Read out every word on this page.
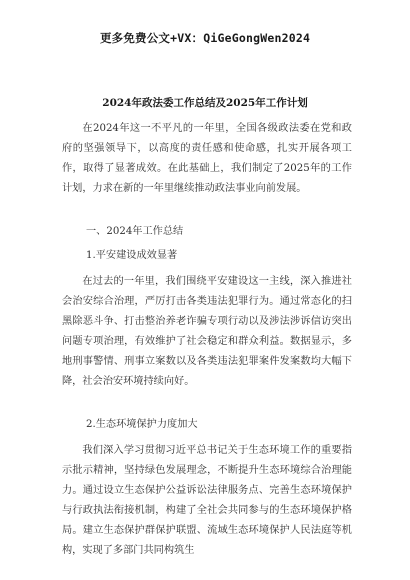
更多免费公文+VX：QiGeGongWen2024
2024年政法委工作总结及2025年工作计划

在2024年这一不平凡的一年里，全国各级政法委在党和政府的坚强领导下，以高度的责任感和使命感，扎实开展各项工作，取得了显著成效。在此基础上，我们制定了2025年的工作计划，力求在新的一年里继续推动政法事业向前发展。

一、2024年工作总结
1.平安建设成效显著

在过去的一年里，我们围绕平安建设这一主线，深入推进社会治安综合治理，严厉打击各类违法犯罪行为。通过常态化的扫黑除恶斗争、打击整治养老诈骗专项行动以及涉法涉诉信访突出问题专项治理，有效维护了社会稳定和群众利益。数据显示，多地刑事警情、刑事立案数以及各类违法犯罪案件发案数均大幅下降，社会治安环境持续向好。

2.生态环境保护力度加大

我们深入学习贯彻习近平总书记关于生态环境工作的重要指示批示精神，坚持绿色发展理念，不断提升生态环境综合治理能力。通过设立生态保护公益诉讼法律服务点、完善生态环境保护与行政执法衔接机制，构建了全社会共同参与的生态环境保护格局。建立生态保护群保护联盟、流域生态环境保护人民法庭等机构，实现了多部门共同构筑生
